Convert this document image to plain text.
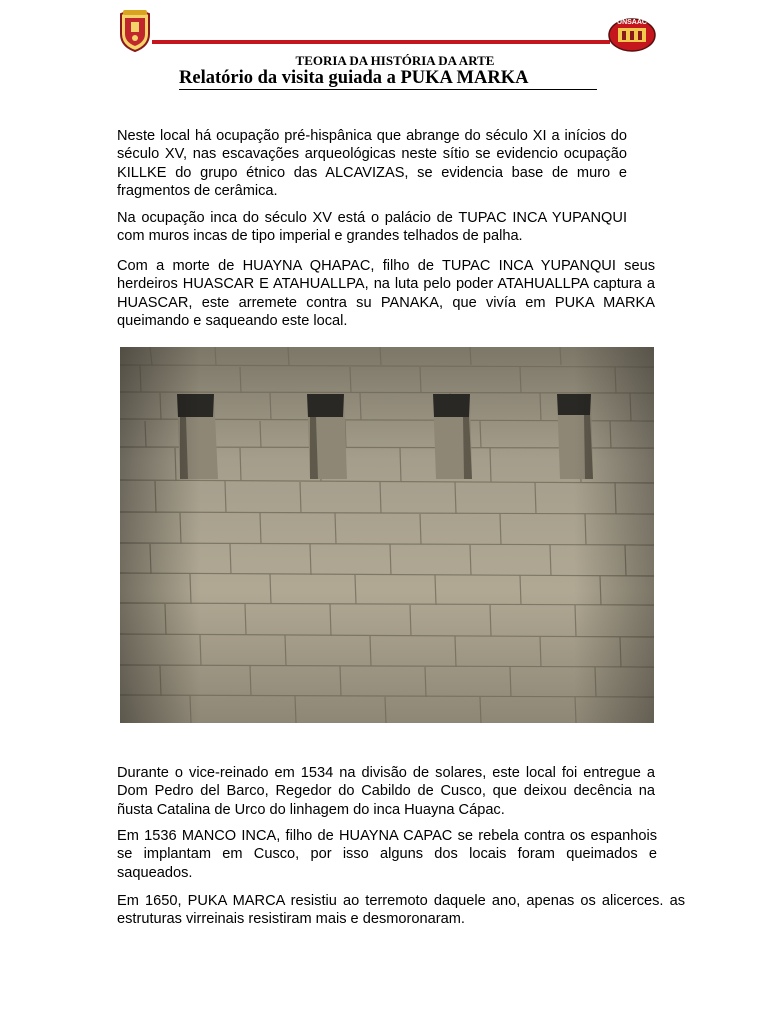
UNSAAC
TEORIA DA HISTÓRIA DA ARTE
Relatório da visita guiada a PUKA MARKA

Neste local há ocupação pré-hispânica que abrange do século XI a inícios do século XV, nas escavações arqueológicas neste sítio se evidencio ocupação KILLKE do grupo étnico das ALCAVIZAS, se evidencia base de muro e fragmentos de cerâmica.

Na ocupação inca do século XV está o palácio de TUPAC INCA YUPANQUI com muros incas de tipo imperial e grandes telhados de palha.

Com a morte de HUAYNA QHAPAC, filho de TUPAC INCA YUPANQUI seus herdeiros HUASCAR E ATAHUALLPA, na luta pelo poder ATAHUALLPA captura a HUASCAR, este arremete contra su PANAKA, que vivía em PUKA MARKA queimando e saqueando este local.

Durante o vice-reinado em 1534 na divisão de solares, este local foi entregue a Dom Pedro del Barco, Regedor do Cabildo de Cusco, que deixou decência na ñusta Catalina de Urco do linhagem do inca Huayna Cápac.

Em 1536 MANCO INCA, filho de HUAYNA CAPAC se rebela contra os espanhois se implantam em Cusco, por isso alguns dos locais foram queimados e saqueados.

Em 1650, PUKA MARCA resistiu ao terremoto daquele ano, apenas os alicerces. as estruturas virreinais resistiram mais e desmoronaram.
